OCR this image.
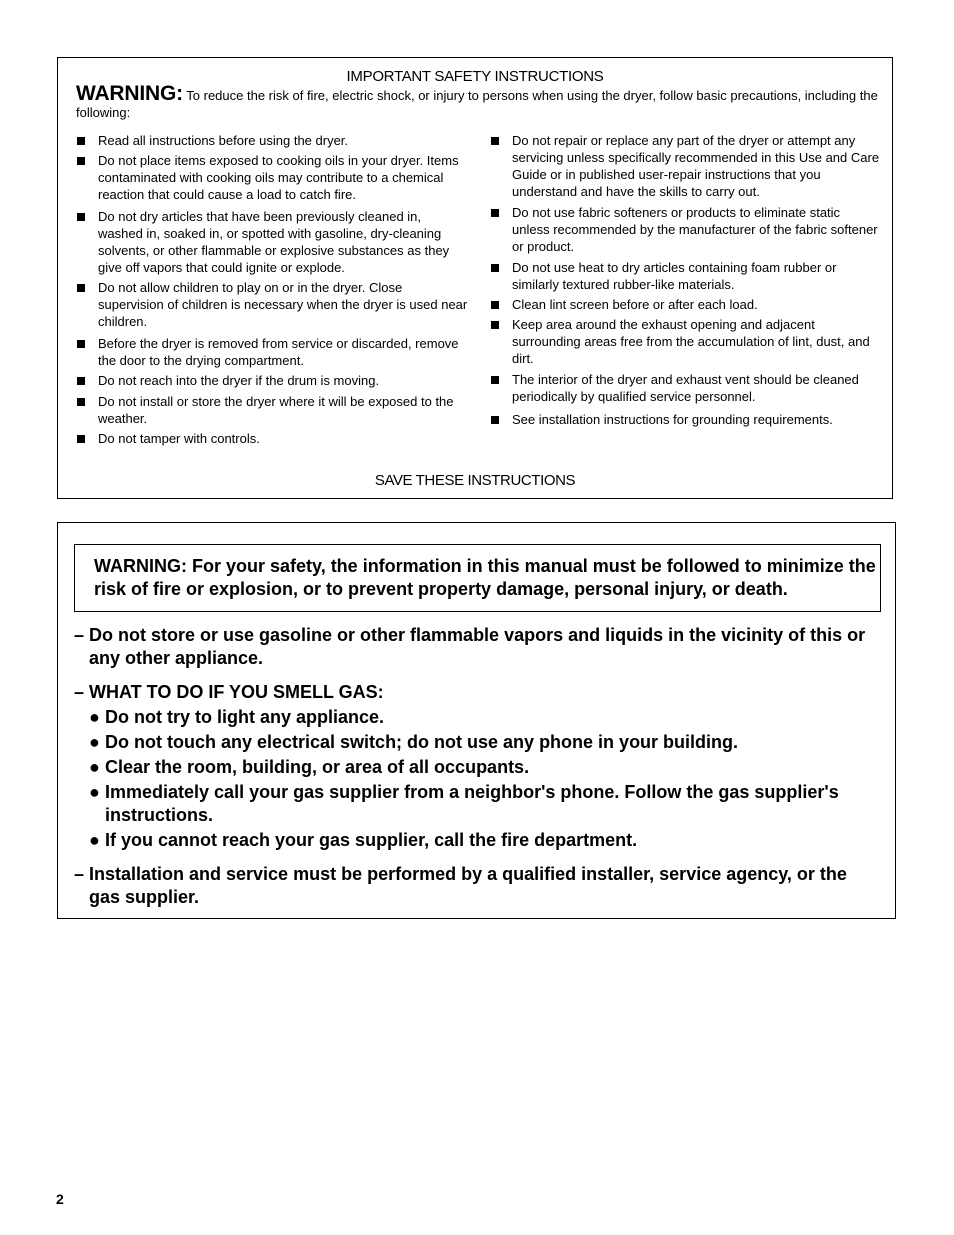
IMPORTANT SAFETY INSTRUCTIONS
WARNING: To reduce the risk of fire, electric shock, or injury to persons when using the dryer, follow basic precautions, including the following:
Read all instructions before using the dryer.
Do not place items exposed to cooking oils in your dryer. Items contaminated with cooking oils may contribute to a chemical reaction that could cause a load to catch fire.
Do not dry articles that have been previously cleaned in, washed in, soaked in, or spotted with gasoline, dry-cleaning solvents, or other flammable or explosive substances as they give off vapors that could ignite or explode.
Do not allow children to play on or in the dryer. Close supervision of children is necessary when the dryer is used near children.
Before the dryer is removed from service or discarded, remove the door to the drying compartment.
Do not reach into the dryer if the drum is moving.
Do not install or store the dryer where it will be exposed to the weather.
Do not tamper with controls.
Do not repair or replace any part of the dryer or attempt any servicing unless specifically recommended in this Use and Care Guide or in published user-repair instructions that you understand and have the skills to carry out.
Do not use fabric softeners or products to eliminate static unless recommended by the manufacturer of the fabric softener or product.
Do not use heat to dry articles containing foam rubber or similarly textured rubber-like materials.
Clean lint screen before or after each load.
Keep area around the exhaust opening and adjacent surrounding areas free from the accumulation of lint, dust, and dirt.
The interior of the dryer and exhaust vent should be cleaned periodically by qualified service personnel.
See installation instructions for grounding requirements.
SAVE THESE INSTRUCTIONS
WARNING: For your safety, the information in this manual must be followed to minimize the risk of fire or explosion, or to prevent property damage, personal injury, or death.
– Do not store or use gasoline or other flammable vapors and liquids in the vicinity of this or any other appliance.
– WHAT TO DO IF YOU SMELL GAS:
● Do not try to light any appliance.
● Do not touch any electrical switch; do not use any phone in your building.
● Clear the room, building, or area of all occupants.
● Immediately call your gas supplier from a neighbor's phone. Follow the gas supplier's instructions.
● If you cannot reach your gas supplier, call the fire department.
– Installation and service must be performed by a qualified installer, service agency, or the gas supplier.
2
